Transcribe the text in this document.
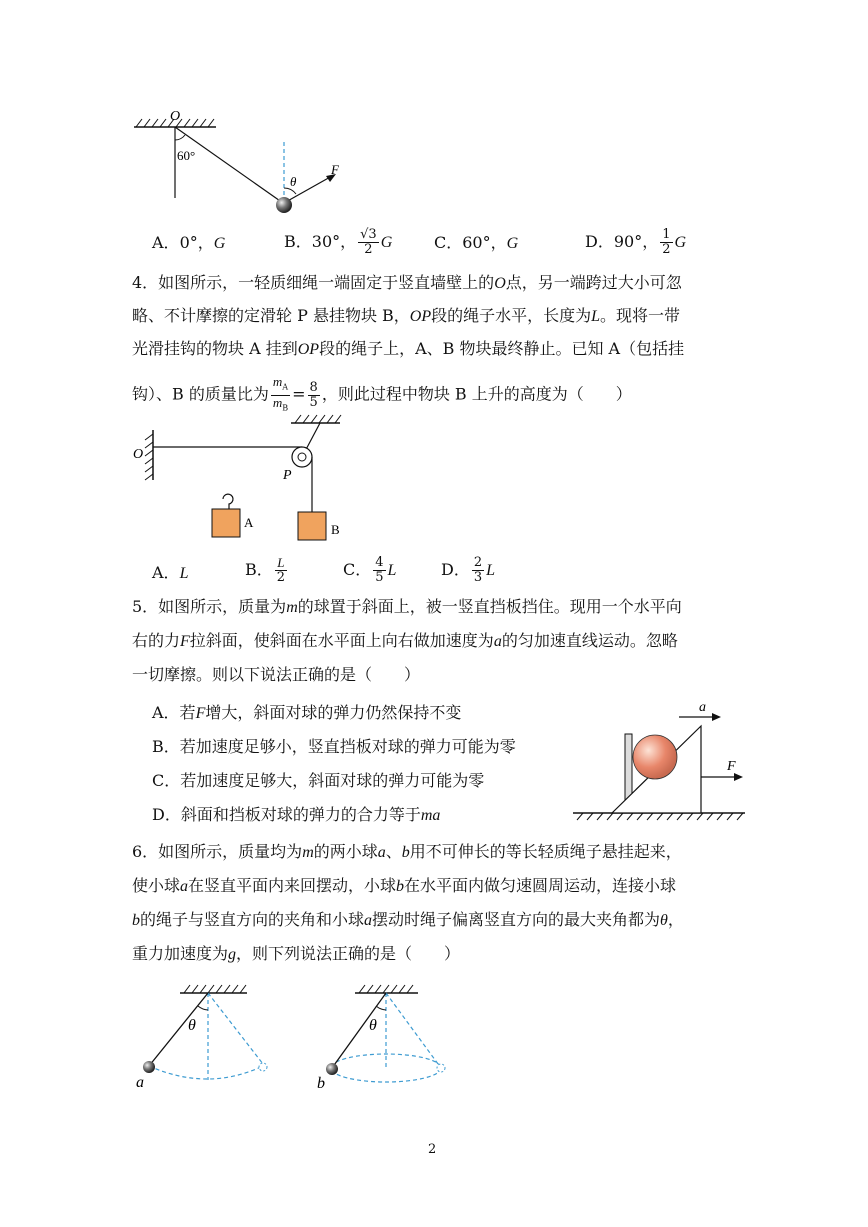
O
60°
θ
F
A．0°，G	B．30°， $\frac{√3}{2}$ G	C．60°，G	D．90°， $\frac{1}{2}$ G
4．如图所示，一轻质细绳一端固定于竖直墙壁上的O点，另一端跨过大小可忽
略、不计摩擦的定滑轮 P 悬挂物块 B，OP段的绳子水平，长度为L。现将一带
光滑挂钩的物块 A 挂到OP段的绳子上，A、B 物块最终静止。已知 A（包括挂
钩）、B 的质量比为 $\frac{m_A}{m_B} = \frac{8}{5}$ ，则此过程中物块 B 上升的高度为（　　）
O
P
B
A
A．L	B． $\frac{L}{2}$	C． $\frac{4}{5}$ L	D． $\frac{2}{3}$ L
5．如图所示，质量为m的球置于斜面上，被一竖直挡板挡住。现用一个水平向
右的力F拉斜面，使斜面在水平面上向右做加速度为a的匀加速直线运动。忽略
一切摩擦。则以下说法正确的是（　　）
A．若F增大，斜面对球的弹力仍然保持不变
B．若加速度足够小，竖直挡板对球的弹力可能为零
C．若加速度足够大，斜面对球的弹力可能为零
D．斜面和挡板对球的弹力的合力等于ma
a
F
6．如图所示，质量均为m的两小球a、b用不可伸长的等长轻质绳子悬挂起来，
使小球a在竖直平面内来回摆动，小球b在水平面内做匀速圆周运动，连接小球
b的绳子与竖直方向的夹角和小球a摆动时绳子偏离竖直方向的最大夹角都为θ，
重力加速度为g，则下列说法正确的是（　　）
θ
a
θ
b
2
